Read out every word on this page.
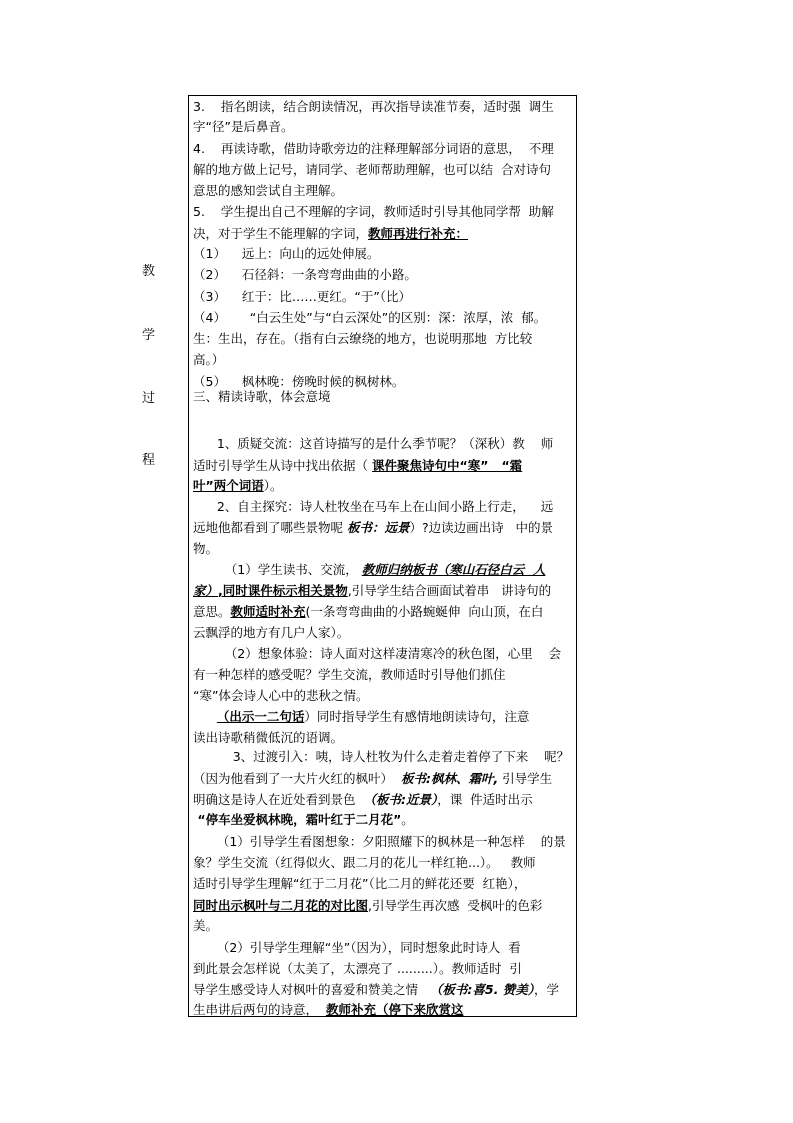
教
学
过
程
3.    指名朗读，结合朗读情况，再次指导读准节奏，适时强  调生
字“径”是后鼻音。
4.    再读诗歌，借助诗歌旁边的注释理解部分词语的意思，  不理
解的地方做上记号，请同学、老师帮助理解，也可以结  合对诗句
意思的感知尝试自主理解。
5.    学生提出自己不理解的字词，教师适时引导其他同学帮  助解
决，对于学生不能理解的字词，教师再进行补充：
（1）    远上：向山的远处伸展。
（2）    石径斜：一条弯弯曲曲的小路。
（3）    红于：比……更红。“于”（比）
（4）      “白云生处”与“白云深处”的区别：深：浓厚，浓  郁。
生：生出，存在。（指有白云缭绕的地方，也说明那地  方比较
高。）
（5）    枫林晚：傍晚时候的枫树林。
三、精读诗歌，体会意境
1、质疑交流：这首诗描写的是什么季节呢？（深秋）教    师
适时引导学生从诗中找出依据（ 课件聚焦诗句中“寒”   “霜
叶”两个词语）。
2、自主探究：诗人杜牧坐在马车上在山间小路上行走，    远
远地他都看到了哪些景物呢 板书：远景）?边读边画出诗   中的景
物。
（1）学生读书、交流， 教师归纳板书（寒山石径白云  人
家）,同时课件标示相关景物,引导学生结合画面试着串   讲诗句的
意思。教师适时补充(一条弯弯曲曲的小路蜿蜒伸  向山顶，在白
云飘浮的地方有几户人家）。
（2）想象体验：诗人面对这样凄清寒冷的秋色图，心里    会
有一种怎样的感受呢？学生交流，教师适时引导他们抓住
“寒”体会诗人心中的悲秋之情。
（出示一二句话）同时指导学生有感情地朗读诗句，注意
读出诗歌稍微低沉的语调。
3、过渡引入：咦，诗人杜牧为什么走着走着停了下来    呢？
（因为他看到了一大片火红的枫叶）  板书:枫林、霜叶, 引导学生
明确这是诗人在近处看到景色  （板书:近景），课  件适时出示
“停车坐爱枫林晚，霜叶红于二月花”。
（1）引导学生看图想象：夕阳照耀下的枫林是一种怎样    的景
象？学生交流（红得似火、跟二月的花儿一样红艳...）。   教师
适时引导学生理解“红于二月花”（比二月的鲜花还要  红艳），
同时出示枫叶与二月花的对比图,引导学生再次感  受枫叶的色彩
美。
（2）引导学生理解“坐”（因为），同时想象此时诗人  看
到此景会怎样说（太美了，太漂亮了 .........）。教师适时  引
导学生感受诗人对枫叶的喜爱和赞美之情   （板书:喜5. 赞美），学
生串讲后两句的诗意，  教师补充（停下来欣赏这
